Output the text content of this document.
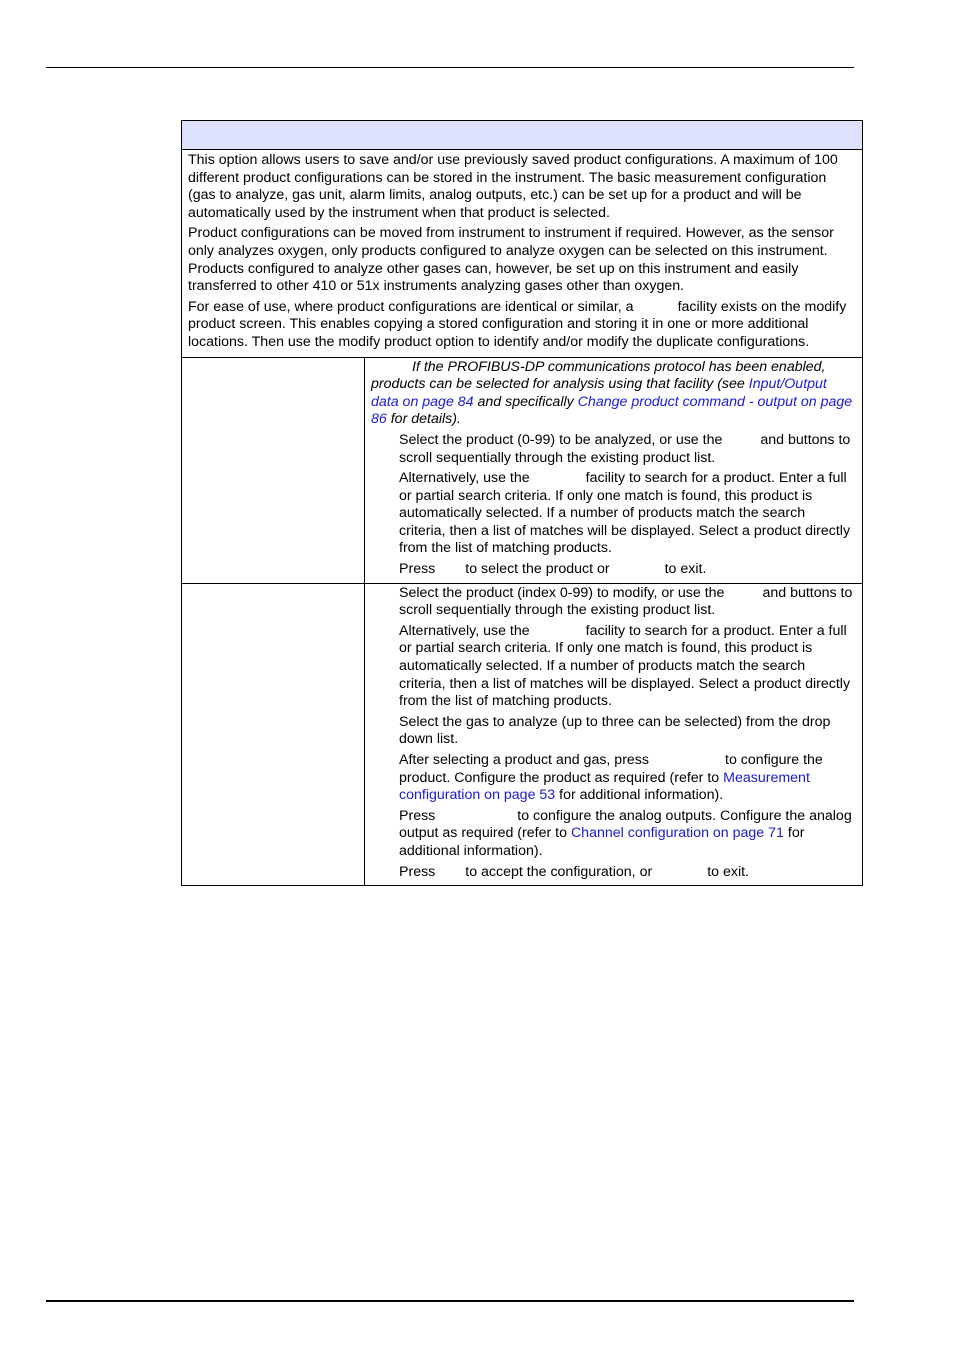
This option allows users to save and/or use previously saved product configurations. A maximum of 100 different product configurations can be stored in the instrument. The basic measurement configuration (gas to analyze, gas unit, alarm limits, analog outputs, etc.) can be set up for a product and will be automatically used by the instrument when that product is selected.

Product configurations can be moved from instrument to instrument if required. However, as the sensor only analyzes oxygen, only products configured to analyze oxygen can be selected on this instrument. Products configured to analyze other gases can, however, be set up on this instrument and easily transferred to other 410 or 51x instruments analyzing gases other than oxygen.

For ease of use, where product configurations are identical or similar, a	facility exists on the modify product screen. This enables copying a stored configuration and storing it in one or more additional locations. Then use the modify product option to identify and/or modify the duplicate configurations.

If the PROFIBUS-DP communications protocol has been enabled, products can be selected for analysis using that facility (see Input/Output data on page 84 and specifically Change product command - output on page 86 for details).

Select the product (0-99) to be analyzed, or use the	and buttons to scroll sequentially through the existing product list.

Alternatively, use the	facility to search for a product. Enter a full or partial search criteria. If only one match is found, this product is automatically selected. If a number of products match the search criteria, then a list of matches will be displayed. Select a product directly from the list of matching products.

Press to select the product or	to exit.

Select the product (index 0-99) to modify, or use the	and buttons to scroll sequentially through the existing product list.

Alternatively, use the	facility to search for a product. Enter a full or partial search criteria. If only one match is found, this product is automatically selected. If a number of products match the search criteria, then a list of matches will be displayed. Select a product directly from the list of matching products.

Select the gas to analyze (up to three can be selected) from the drop down list.

After selecting a product and gas, press	to configure the product. Configure the product as required (refer to Measurement configuration on page 53 for additional information).

Press	to configure the analog outputs. Configure the analog output as required (refer to Channel configuration on page 71 for additional information).

Press to accept the configuration, or	to exit.
